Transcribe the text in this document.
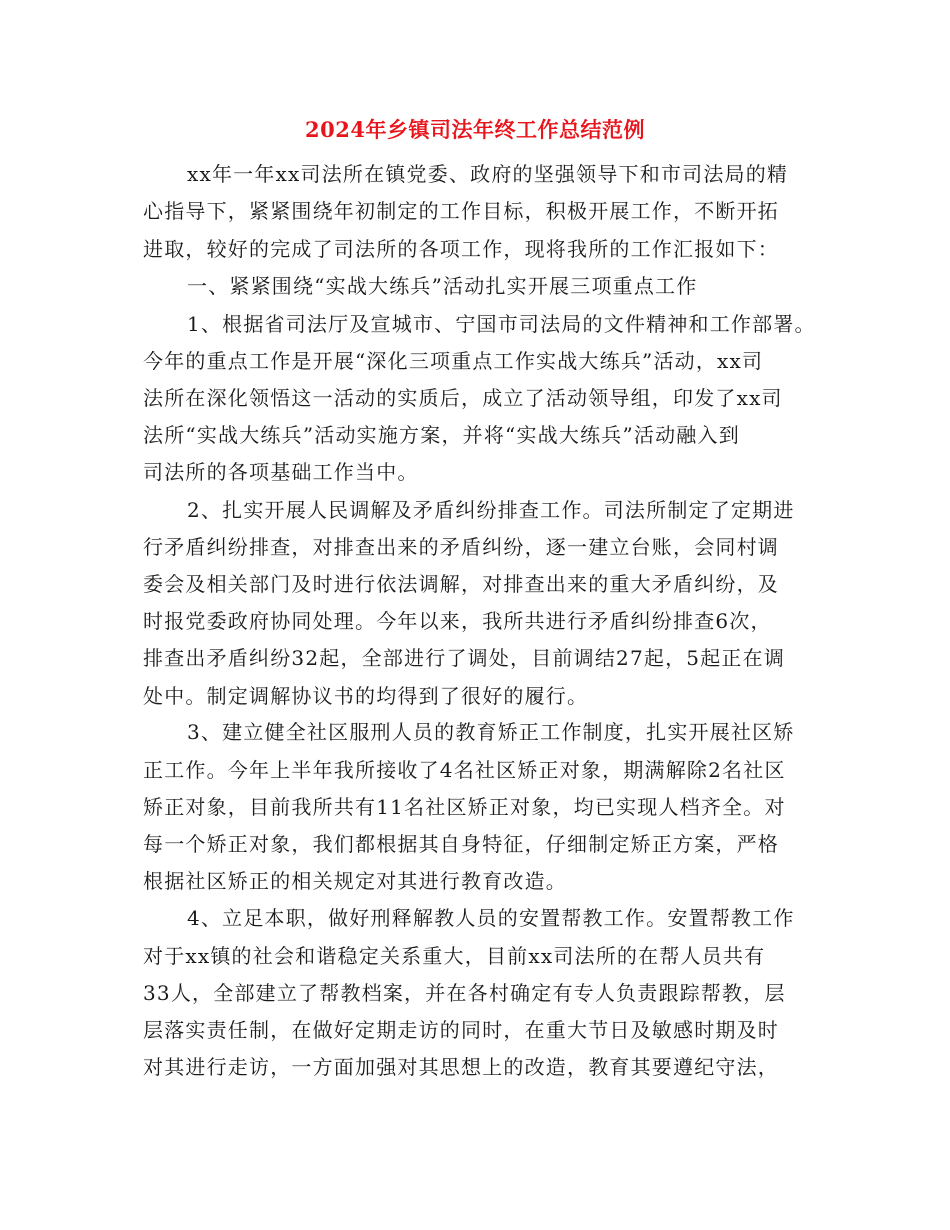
2024年乡镇司法年终工作总结范例
xx年一年xx司法所在镇党委、政府的坚强领导下和市司法局的精
心指导下，紧紧围绕年初制定的工作目标，积极开展工作，不断开拓
进取，较好的完成了司法所的各项工作，现将我所的工作汇报如下：
一、紧紧围绕“实战大练兵”活动扎实开展三项重点工作
1、根据省司法厅及宣城市、宁国市司法局的文件精神和工作部署。
今年的重点工作是开展“深化三项重点工作实战大练兵”活动，xx司
法所在深化领悟这一活动的实质后，成立了活动领导组，印发了xx司
法所“实战大练兵”活动实施方案，并将“实战大练兵”活动融入到
司法所的各项基础工作当中。
2、扎实开展人民调解及矛盾纠纷排查工作。司法所制定了定期进
行矛盾纠纷排查，对排查出来的矛盾纠纷，逐一建立台账，会同村调
委会及相关部门及时进行依法调解，对排查出来的重大矛盾纠纷，及
时报党委政府协同处理。今年以来，我所共进行矛盾纠纷排查6次，
排查出矛盾纠纷32起，全部进行了调处，目前调结27起，5起正在调
处中。制定调解协议书的均得到了很好的履行。
3、建立健全社区服刑人员的教育矫正工作制度，扎实开展社区矫
正工作。今年上半年我所接收了4名社区矫正对象，期满解除2名社区
矫正对象，目前我所共有11名社区矫正对象，均已实现人档齐全。对
每一个矫正对象，我们都根据其自身特征，仔细制定矫正方案，严格
根据社区矫正的相关规定对其进行教育改造。
4、立足本职，做好刑释解教人员的安置帮教工作。安置帮教工作
对于xx镇的社会和谐稳定关系重大，目前xx司法所的在帮人员共有
33人，全部建立了帮教档案，并在各村确定有专人负责跟踪帮教，层
层落实责任制，在做好定期走访的同时，在重大节日及敏感时期及时
对其进行走访，一方面加强对其思想上的改造，教育其要遵纪守法，
